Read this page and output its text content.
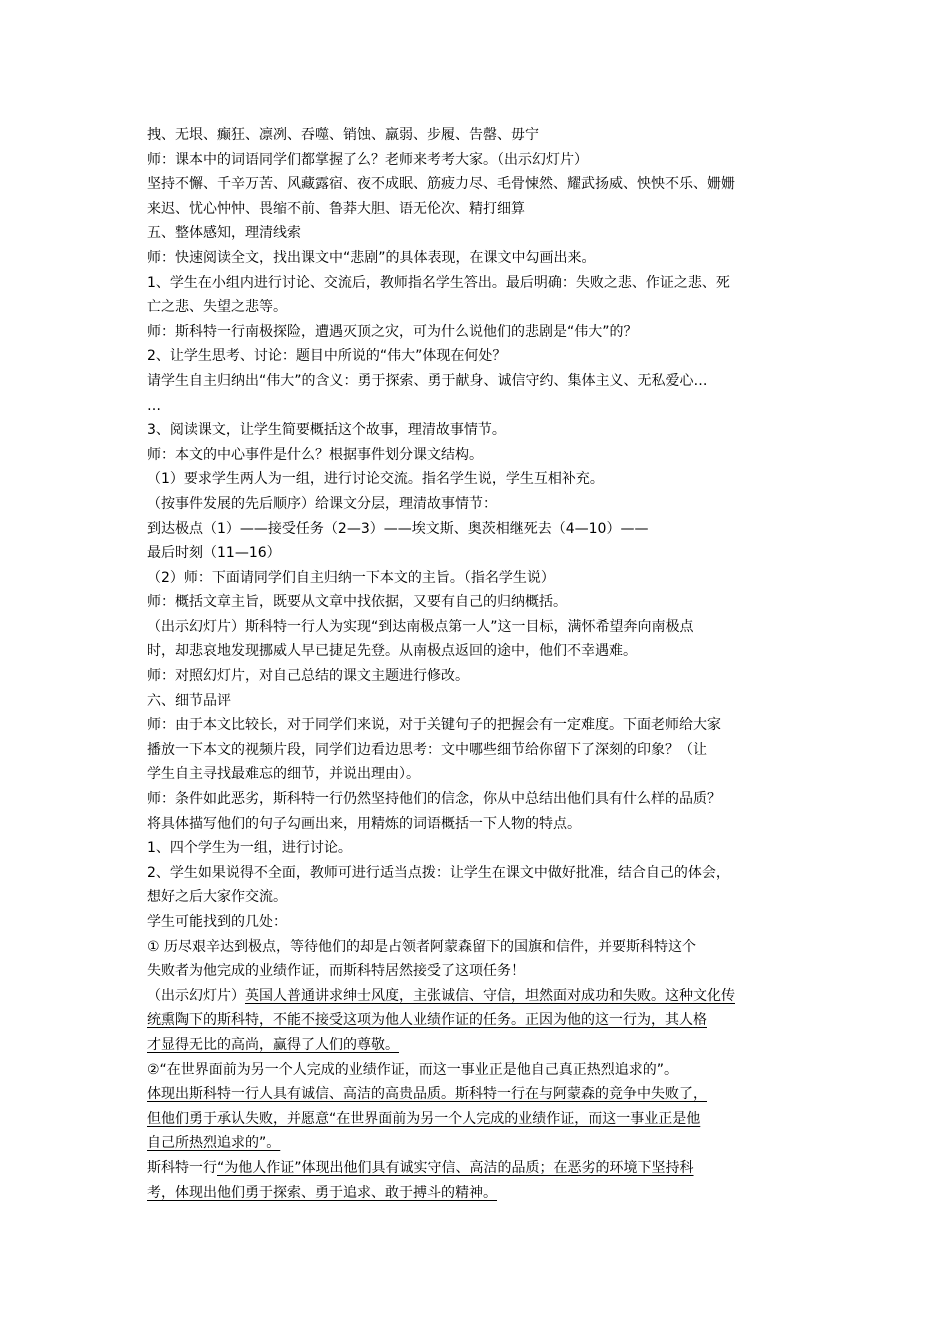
拽、无垠、癫狂、凛冽、吞噬、销蚀、羸弱、步履、告罄、毋宁
师：课本中的词语同学们都掌握了么？老师来考考大家。（出示幻灯片）
坚持不懈、千辛万苦、风藏露宿、夜不成眠、筋疲力尽、毛骨悚然、耀武扬威、怏怏不乐、姗姗
来迟、忧心忡忡、畏缩不前、鲁莽大胆、语无伦次、精打细算
五、整体感知，理清线索
师：快速阅读全文，找出课文中“悲剧”的具体表现，在课文中勾画出来。
1、学生在小组内进行讨论、交流后，教师指名学生答出。最后明确：失败之悲、作证之悲、死
亡之悲、失望之悲等。
师：斯科特一行南极探险，遭遇灭顶之灾，可为什么说他们的悲剧是“伟大”的？
2、让学生思考、讨论：题目中所说的“伟大”体现在何处？
请学生自主归纳出“伟大”的含义：勇于探索、勇于献身、诚信守约、集体主义、无私爱心…
…
3、阅读课文，让学生简要概括这个故事，理清故事情节。
师：本文的中心事件是什么？根据事件划分课文结构。
（1）要求学生两人为一组，进行讨论交流。指名学生说，学生互相补充。
（按事件发展的先后顺序）给课文分层，理清故事情节：
到达极点（1）——接受任务（2—3）——埃文斯、奥茨相继死去（4—10）——
最后时刻（11—16）
（2）师：下面请同学们自主归纳一下本文的主旨。（指名学生说）
师：概括文章主旨，既要从文章中找依据，又要有自己的归纳概括。
（出示幻灯片）斯科特一行人为实现“到达南极点第一人”这一目标，满怀希望奔向南极点
时，却悲哀地发现挪威人早已捷足先登。从南极点返回的途中，他们不幸遇难。
师：对照幻灯片，对自己总结的课文主题进行修改。
六、细节品评
师：由于本文比较长，对于同学们来说，对于关键句子的把握会有一定难度。下面老师给大家
播放一下本文的视频片段，同学们边看边思考：文中哪些细节给你留下了深刻的印象？（让
学生自主寻找最难忘的细节，并说出理由）。
师：条件如此恶劣，斯科特一行仍然坚持他们的信念，你从中总结出他们具有什么样的品质？
将具体描写他们的句子勾画出来，用精炼的词语概括一下人物的特点。
1、四个学生为一组，进行讨论。
2、学生如果说得不全面，教师可进行适当点拨：让学生在课文中做好批准，结合自己的体会，
想好之后大家作交流。
学生可能找到的几处：
① 历尽艰辛达到极点，等待他们的却是占领者阿蒙森留下的国旗和信件，并要斯科特这个
失败者为他完成的业绩作证，而斯科特居然接受了这项任务！
（出示幻灯片）英国人普通讲求绅士风度，主张诚信、守信，坦然面对成功和失败。这种文化传
统熏陶下的斯科特，不能不接受这项为他人业绩作证的任务。正因为他的这一行为，其人格
才显得无比的高尚，赢得了人们的尊敬。
②“在世界面前为另一个人完成的业绩作证，而这一事业正是他自己真正热烈追求的”。
体现出斯科特一行人具有诚信、高洁的高贵品质。斯科特一行在与阿蒙森的竞争中失败了，
但他们勇于承认失败，并愿意“在世界面前为另一个人完成的业绩作证，而这一事业正是他
自己所热烈追求的”。
斯科特一行“为他人作证”体现出他们具有诚实守信、高洁的品质；在恶劣的环境下坚持科
考，体现出他们勇于探索、勇于追求、敢于搏斗的精神。
